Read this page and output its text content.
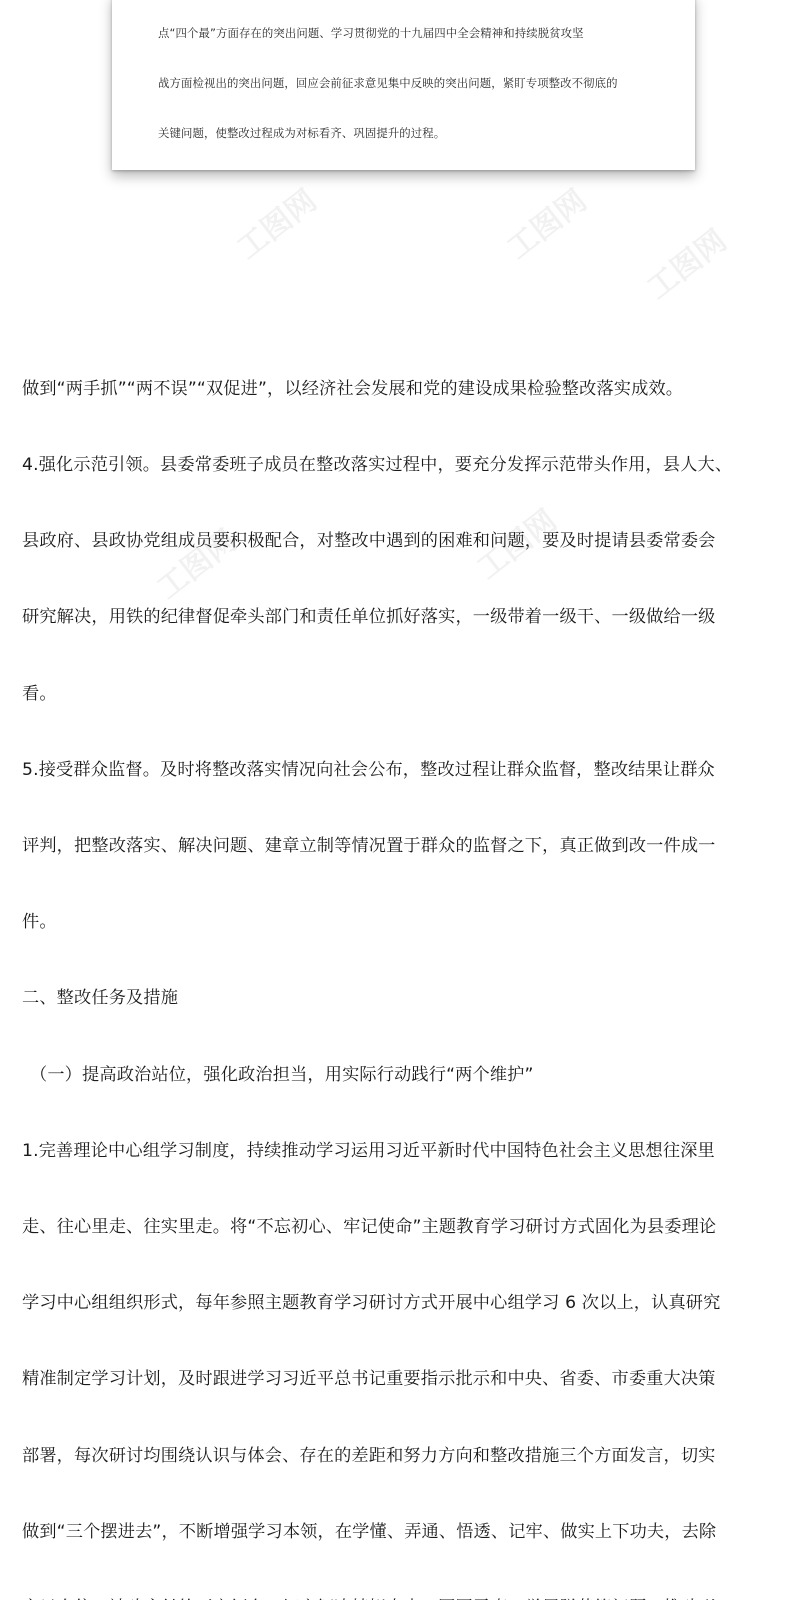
工图网	工图网 工图网
工图网	工图网

点“四个最”方面存在的突出问题、学习贯彻党的十九届四中全会精神和持续脱贫攻坚

战方面检视出的突出问题，回应会前征求意见集中反映的突出问题，紧盯专项整改不彻底的

关键问题，使整改过程成为对标看齐、巩固提升的过程。

做到“两手抓”“两不误”“双促进”，以经济社会发展和党的建设成果检验整改落实成效。

4.强化示范引领。县委常委班子成员在整改落实过程中，要充分发挥示范带头作用，县人大、

县政府、县政协党组成员要积极配合，对整改中遇到的困难和问题，要及时提请县委常委会

研究解决，用铁的纪律督促牵头部门和责任单位抓好落实，一级带着一级干、一级做给一级

看。

5.接受群众监督。及时将整改落实情况向社会公布，整改过程让群众监督，整改结果让群众

评判，把整改落实、解决问题、建章立制等情况置于群众的监督之下，真正做到改一件成一

件。

二、整改任务及措施

（一）提高政治站位，强化政治担当，用实际行动践行“两个维护”

1.完善理论中心组学习制度，持续推动学习运用习近平新时代中国特色社会主义思想往深里

走、往心里走、往实里走。将“不忘初心、牢记使命”主题教育学习研讨方式固化为县委理论

学习中心组组织形式，每年参照主题教育学习研讨方式开展中心组学习 6 次以上，认真研究

精准制定学习计划，及时跟进学习习近平总书记重要指示批示和中央、省委、市委重大决策

部署，每次研讨均围绕认识与体会、存在的差距和努力方向和整改措施三个方面发言，切实

做到“三个摆进去”，不断增强学习本领，在学懂、弄通、悟透、记牢、做实上下功夫，去除
